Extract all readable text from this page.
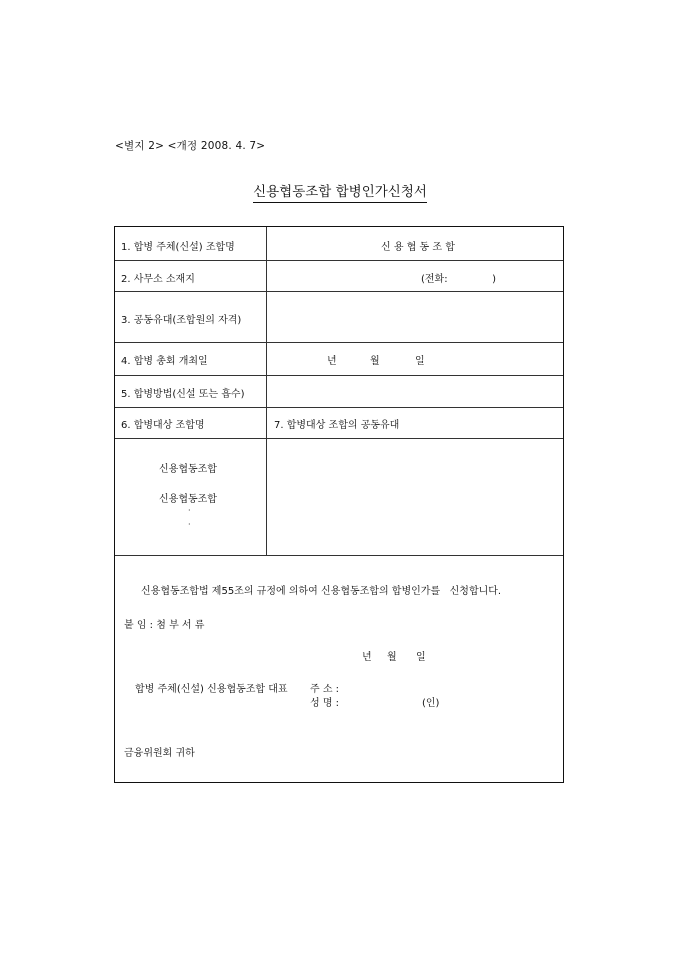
<별지 2> <개정 2008. 4. 7>
신용협동조합 합병인가신청서
1. 합병 주체(신설) 조합명	신 용 협 동 조 합
2. 사무소 소재지	(전화:              )
3. 공동유대(조합원의 자격)
4. 합병 총회 개최일	년	월	일
5. 합병방법(신설 또는 흡수)
6. 합병대상 조합명	7. 합병대상 조합의 공동유대
신용협동조합
신용협동조합
·
·
신용협동조합법 제55조의 규정에 의하여 신용협동조합의 합병인가를   신청합니다.
붙 임 : 첨 부 서 류
년 월 일
합병 주체(신설) 신용협동조합 대표 주 소 :
성 명 :	(인)
금융위원회 귀하
